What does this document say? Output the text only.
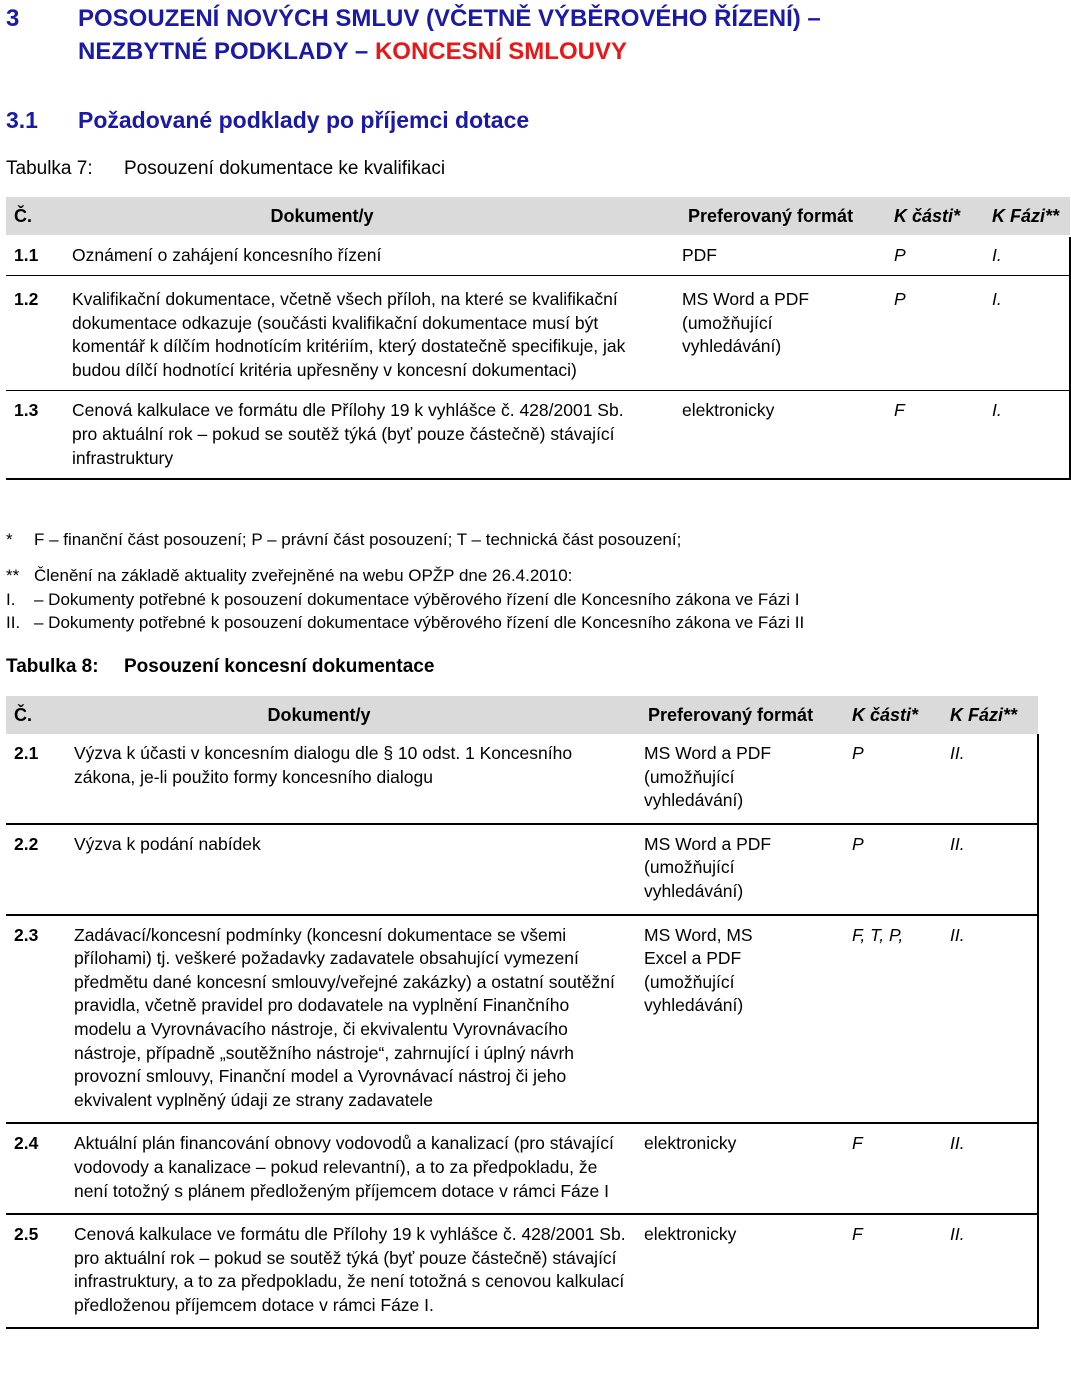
3 POSOUZENÍ NOVÝCH SMLUV (VČETNĚ VÝBĚROVÉHO ŘÍZENÍ) –
NEZBYTNÉ PODKLADY – KONCESNÍ SMLOUVY
3.1 Požadované podklady po příjemci dotace
Tabulka 7: Posouzení dokumentace ke kvalifikaci
Č.	Dokument/y	Preferovaný formát	K části*	K Fázi**
1.1	Oznámení o zahájení koncesního řízení	PDF	P	I.
1.2	Kvalifikační dokumentace, včetně všech příloh, na které se kvalifikační dokumentace odkazuje (součásti kvalifikační dokumentace musí být komentář k dílčím hodnotícím kritériím, který dostatečně specifikuje, jak budou dílčí hodnotící kritéria upřesněny v koncesní dokumentaci)	MS Word a PDF (umožňující vyhledávání)	P	I.
1.3	Cenová kalkulace ve formátu dle Přílohy 19 k vyhlášce č. 428/2001 Sb. pro aktuální rok – pokud se soutěž týká (byť pouze částečně) stávající infrastruktury	elektronicky	F	I.
* F – finanční část posouzení; P – právní část posouzení; T – technická část posouzení;
** Členění na základě aktuality zveřejněné na webu OPŽP dne 26.4.2010:
I. – Dokumenty potřebné k posouzení dokumentace výběrového řízení dle Koncesního zákona ve Fázi I
II. – Dokumenty potřebné k posouzení dokumentace výběrového řízení dle Koncesního zákona ve Fázi II
Tabulka 8: Posouzení koncesní dokumentace
Č.	Dokument/y	Preferovaný formát	K části*	K Fázi**
2.1	Výzva k účasti v koncesním dialogu dle § 10 odst. 1 Koncesního zákona, je-li použito formy koncesního dialogu	MS Word a PDF (umožňující vyhledávání)	P	II.
2.2	Výzva k podání nabídek	MS Word a PDF (umožňující vyhledávání)	P	II.
2.3	Zadávací/koncesní podmínky (koncesní dokumentace se všemi přílohami) tj. veškeré požadavky zadavatele obsahující vymezení předmětu dané koncesní smlouvy/veřejné zakázky) a ostatní soutěžní pravidla, včetně pravidel pro dodavatele na vyplnění Finančního modelu a Vyrovnávacího nástroje, či ekvivalentu Vyrovnávacího nástroje, případně „soutěžního nástroje“, zahrnující i úplný návrh provozní smlouvy, Finanční model a Vyrovnávací nástroj či jeho ekvivalent vyplněný údaji ze strany zadavatele	MS Word, MS Excel a PDF (umožňující vyhledávání)	F, T, P,	II.
2.4	Aktuální plán financování obnovy vodovodů a kanalizací (pro stávající vodovody a kanalizace – pokud relevantní), a to za předpokladu, že není totožný s plánem předloženým příjemcem dotace v rámci Fáze I	elektronicky	F	II.
2.5	Cenová kalkulace ve formátu dle Přílohy 19 k vyhlášce č. 428/2001 Sb. pro aktuální rok – pokud se soutěž týká (byť pouze částečně) stávající infrastruktury, a to za předpokladu, že není totožná s cenovou kalkulací předloženou příjemcem dotace v rámci Fáze I.	elektronicky	F	II.
